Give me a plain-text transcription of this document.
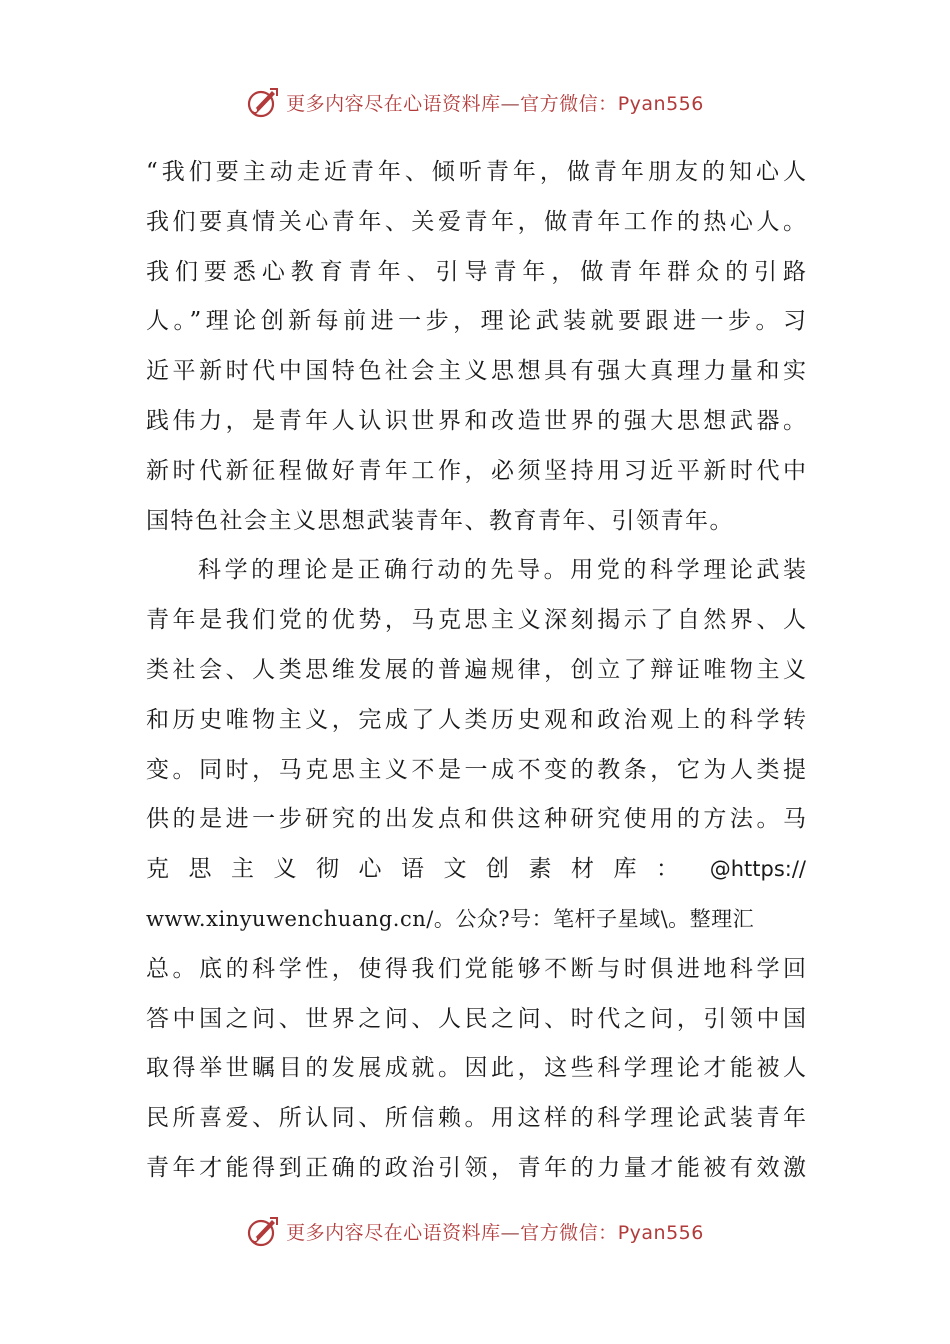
更多内容尽在心语资料库—官方微信：Pyan556
“我们要主动走近青年、倾听青年，做青年朋友的知心人
我们要真情关心青年、关爱青年，做青年工作的热心人。
我们要悉心教育青年、引导青年，做青年群众的引路
人。”理论创新每前进一步，理论武装就要跟进一步。习
近平新时代中国特色社会主义思想具有强大真理力量和实
践伟力，是青年人认识世界和改造世界的强大思想武器。
新时代新征程做好青年工作，必须坚持用习近平新时代中
国特色社会主义思想武装青年、教育青年、引领青年。
科学的理论是正确行动的先导。用党的科学理论武装
青年是我们党的优势，马克思主义深刻揭示了自然界、人
类社会、人类思维发展的普遍规律，创立了辩证唯物主义
和历史唯物主义，完成了人类历史观和政治观上的科学转
变。同时，马克思主义不是一成不变的教条，它为人类提
供的是进一步研究的出发点和供这种研究使用的方法。马
克思主义彻心语文创素材库： @https://
www.xinyuwenchuang.cn/。公众?号：笔杆子星域\。整理汇
总。底的科学性，使得我们党能够不断与时俱进地科学回
答中国之问、世界之问、人民之问、时代之问，引领中国
取得举世瞩目的发展成就。因此，这些科学理论才能被人
民所喜爱、所认同、所信赖。用这样的科学理论武装青年
青年才能得到正确的政治引领，青年的力量才能被有效激
更多内容尽在心语资料库—官方微信：Pyan556
